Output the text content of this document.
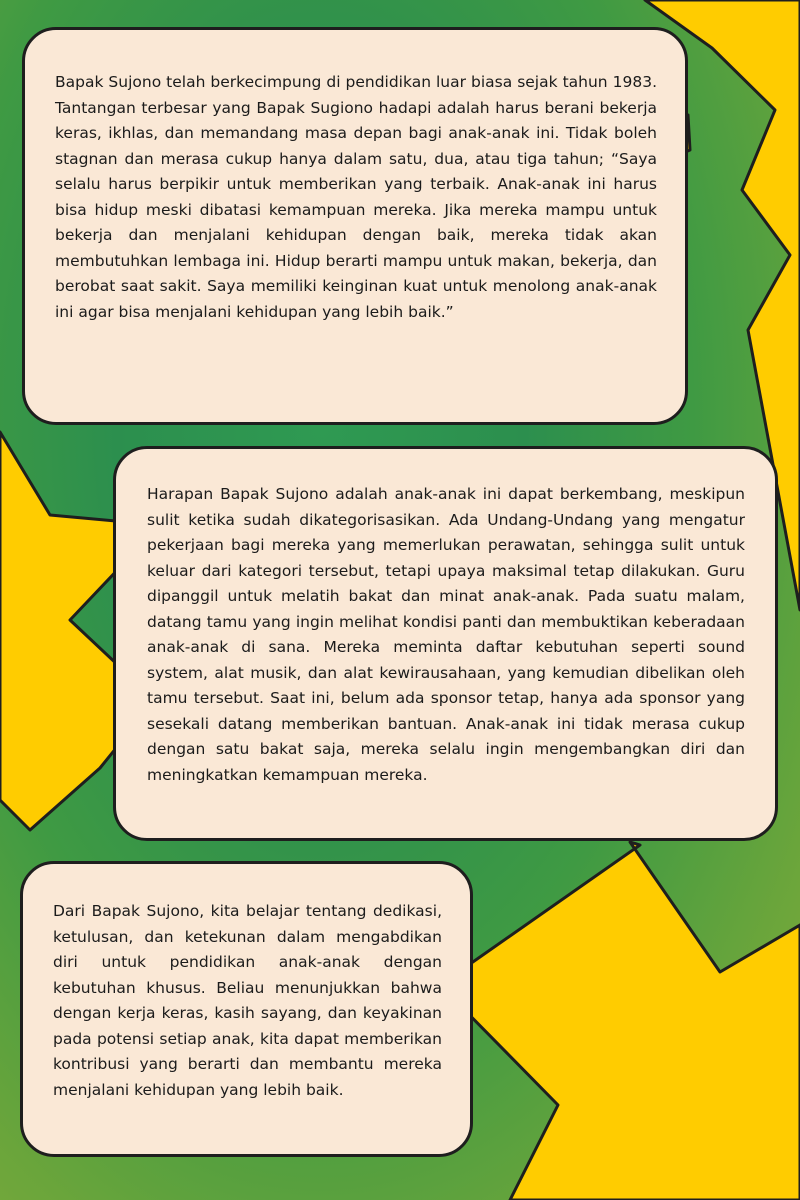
Bapak Sujono telah berkecimpung di pendidikan luar biasa sejak tahun 1983. Tantangan terbesar yang Bapak Sugiono hadapi adalah harus berani bekerja keras, ikhlas, dan memandang masa depan bagi anak-anak ini. Tidak boleh stagnan dan merasa cukup hanya dalam satu, dua, atau tiga tahun; “Saya selalu harus berpikir untuk memberikan yang terbaik. Anak-anak ini harus bisa hidup meski dibatasi kemampuan mereka. Jika mereka mampu untuk bekerja dan menjalani kehidupan dengan baik, mereka tidak akan membutuhkan lembaga ini. Hidup berarti mampu untuk makan, bekerja, dan berobat saat sakit. Saya memiliki keinginan kuat untuk menolong anak-anak ini agar bisa menjalani kehidupan yang lebih baik.”

Harapan Bapak Sujono adalah anak-anak ini dapat berkembang, meskipun sulit ketika sudah dikategorisasikan. Ada Undang-Undang yang mengatur pekerjaan bagi mereka yang memerlukan perawatan, sehingga sulit untuk keluar dari kategori tersebut, tetapi upaya maksimal tetap dilakukan. Guru dipanggil untuk melatih bakat dan minat anak-anak. Pada suatu malam, datang tamu yang ingin melihat kondisi panti dan membuktikan keberadaan anak-anak di sana. Mereka meminta daftar kebutuhan seperti sound system, alat musik, dan alat kewirausahaan, yang kemudian dibelikan oleh tamu tersebut. Saat ini, belum ada sponsor tetap, hanya ada sponsor yang sesekali datang memberikan bantuan. Anak-anak ini tidak merasa cukup dengan satu bakat saja, mereka selalu ingin mengembangkan diri dan meningkatkan kemampuan mereka.

Dari Bapak Sujono, kita belajar tentang dedikasi, ketulusan, dan ketekunan dalam mengabdikan diri untuk pendidikan anak-anak dengan kebutuhan khusus. Beliau menunjukkan bahwa dengan kerja keras, kasih sayang, dan keyakinan pada potensi setiap anak, kita dapat memberikan kontribusi yang berarti dan membantu mereka menjalani kehidupan yang lebih baik.
